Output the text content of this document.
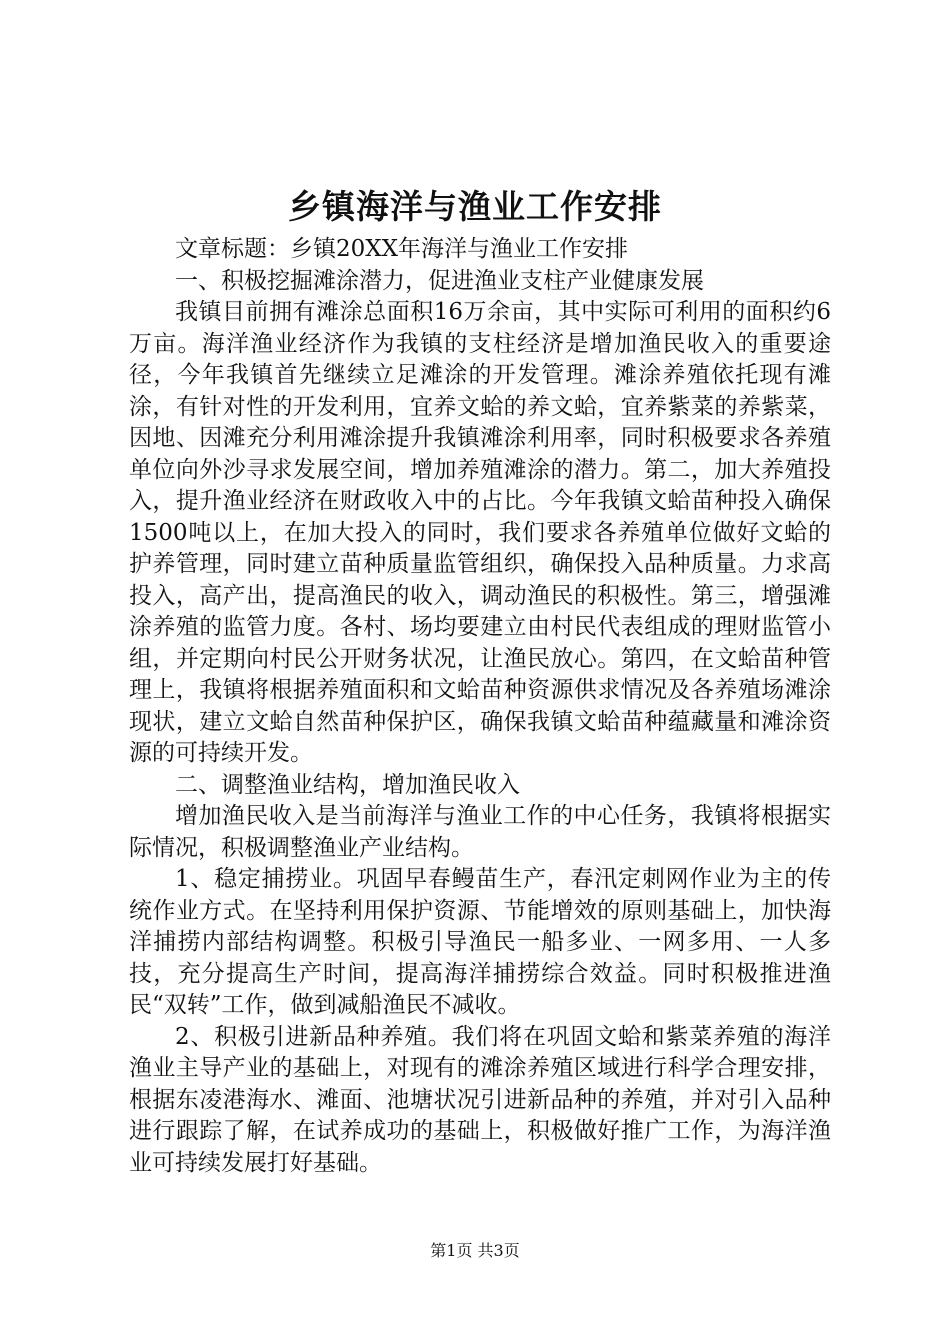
乡镇海洋与渔业工作安排

文章标题：乡镇20XX年海洋与渔业工作安排

一、积极挖掘滩涂潜力，促进渔业支柱产业健康发展

我镇目前拥有滩涂总面积16万余亩，其中实际可利用的面积约6万亩。海洋渔业经济作为我镇的支柱经济是增加渔民收入的重要途径，今年我镇首先继续立足滩涂的开发管理。滩涂养殖依托现有滩涂，有针对性的开发利用，宜养文蛤的养文蛤，宜养紫菜的养紫菜，因地、因滩充分利用滩涂提升我镇滩涂利用率，同时积极要求各养殖单位向外沙寻求发展空间，增加养殖滩涂的潜力。第二，加大养殖投入，提升渔业经济在财政收入中的占比。今年我镇文蛤苗种投入确保1500吨以上，在加大投入的同时，我们要求各养殖单位做好文蛤的护养管理，同时建立苗种质量监管组织，确保投入品种质量。力求高投入，高产出，提高渔民的收入，调动渔民的积极性。第三，增强滩涂养殖的监管力度。各村、场均要建立由村民代表组成的理财监管小组，并定期向村民公开财务状况，让渔民放心。第四，在文蛤苗种管理上，我镇将根据养殖面积和文蛤苗种资源供求情况及各养殖场滩涂现状，建立文蛤自然苗种保护区，确保我镇文蛤苗种蕴藏量和滩涂资源的可持续开发。

二、调整渔业结构，增加渔民收入

增加渔民收入是当前海洋与渔业工作的中心任务，我镇将根据实际情况，积极调整渔业产业结构。

1、稳定捕捞业。巩固早春鳗苗生产，春汛定刺网作业为主的传统作业方式。在坚持利用保护资源、节能增效的原则基础上，加快海洋捕捞内部结构调整。积极引导渔民一船多业、一网多用、一人多技，充分提高生产时间，提高海洋捕捞综合效益。同时积极推进渔民“双转”工作，做到减船渔民不减收。

2、积极引进新品种养殖。我们将在巩固文蛤和紫菜养殖的海洋渔业主导产业的基础上，对现有的滩涂养殖区域进行科学合理安排，根据东凌港海水、滩面、池塘状况引进新品种的养殖，并对引入品种进行跟踪了解，在试养成功的基础上，积极做好推广工作，为海洋渔业可持续发展打好基础。

第1页 共3页
